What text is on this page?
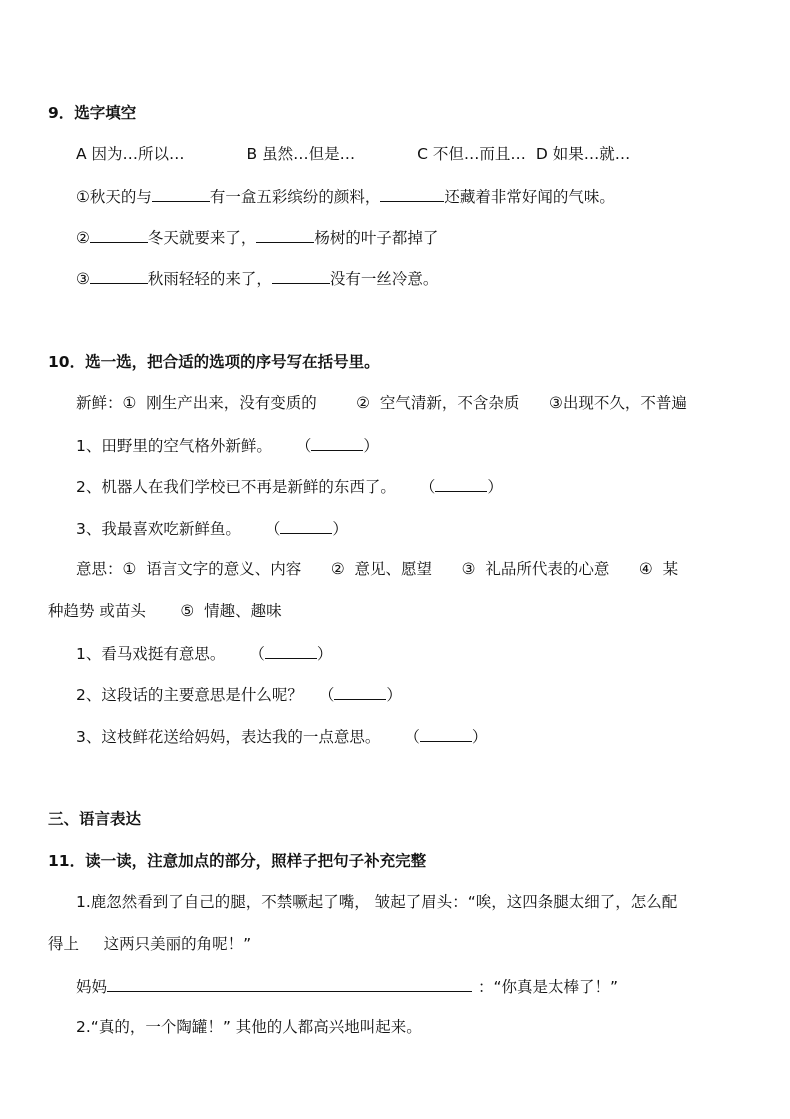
9．选字填空
A 因为…所以…	B 虽然…但是…	C 不但…而且… D 如果…就…
①秋天的与	有一盒五彩缤纷的颜料，	还藏着非常好闻的气味。
②	冬天就要来了，	杨树的叶子都掉了
③	秋雨轻轻的来了，	没有一丝冷意。
10．选一选，把合适的选项的序号写在括号里。
新鲜：①  刚生产出来，没有变质的        ②  空气清新，不含杂质      ③出现不久，不普遍
1、田野里的空气格外新鲜。 （	）
2、机器人在我们学校已不再是新鲜的东西了。 （	）
3、我最喜欢吃新鲜鱼。 （	）
意思：①  语言文字的意义、内容      ②  意见、愿望      ③  礼品所代表的心意      ④  某
种趋势 或苗头       ⑤  情趣、趣味
1、看马戏挺有意思。 （	）
2、这段话的主要意思是什么呢？ （	）
3、这枝鲜花送给妈妈，表达我的一点意思。 （	）
三、语言表达
11．读一读，注意加点的部分，照样子把句子补充完整
1.鹿忽然看到了自己的腿，不禁噘起了嘴， 皱起了眉头：“唉，这四条腿太细了，怎么配
得上     这两只美丽的角呢！”
妈妈	：“你真是太棒了！”
2.“真的，一个陶罐！” 其他的人都高兴地叫起来。
